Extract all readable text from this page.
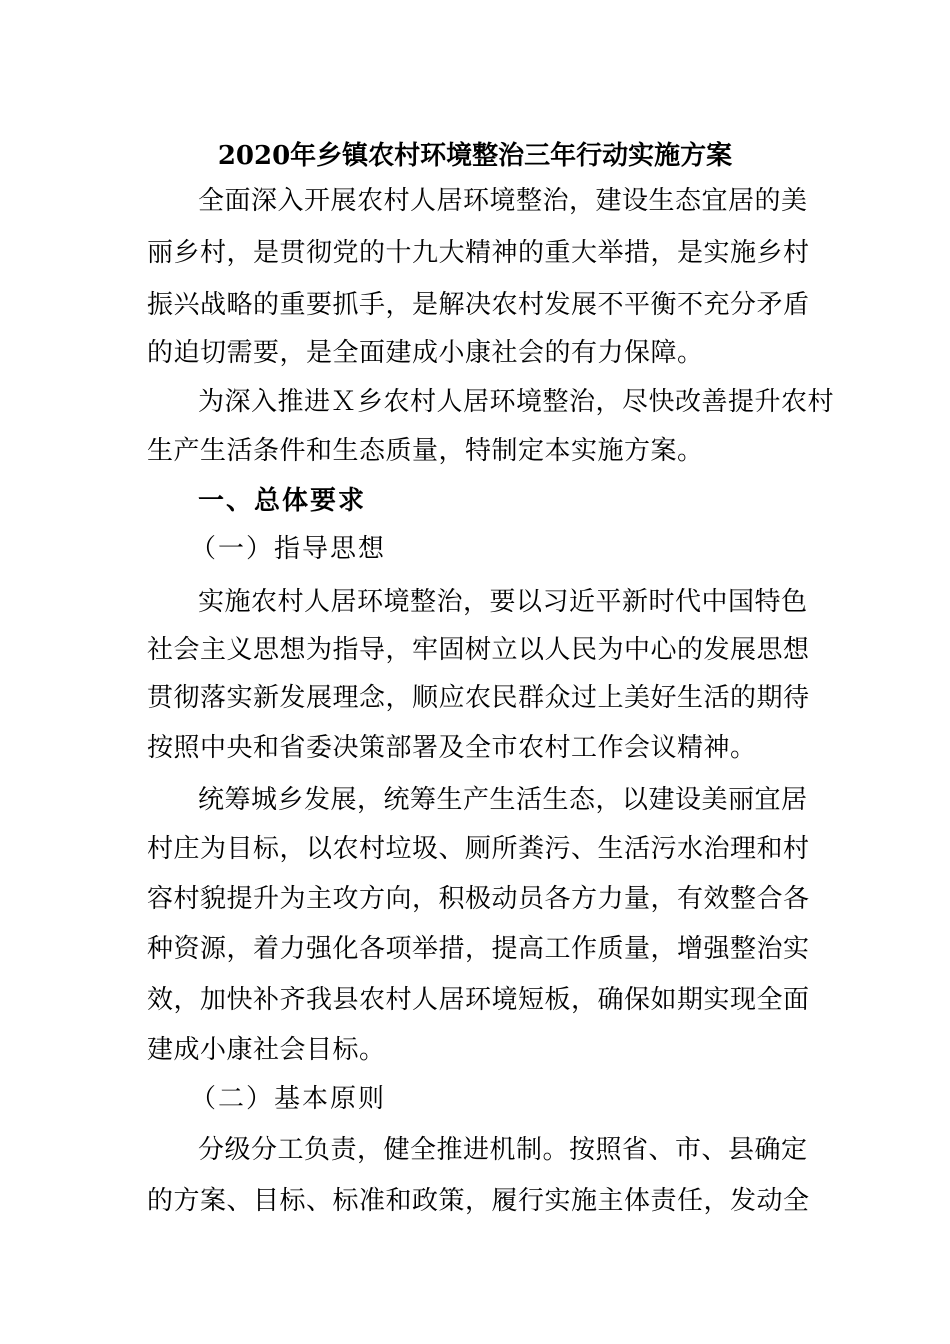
2020年乡镇农村环境整治三年行动实施方案
全面深入开展农村人居环境整治，建设生态宜居的美
丽乡村，是贯彻党的十九大精神的重大举措，是实施乡村
振兴战略的重要抓手，是解决农村发展不平衡不充分矛盾
的迫切需要，是全面建成小康社会的有力保障。
为深入推进Ｘ乡农村人居环境整治，尽快改善提升农村
生产生活条件和生态质量，特制定本实施方案。
一、总体要求
（一）指导思想
实施农村人居环境整治，要以习近平新时代中国特色
社会主义思想为指导，牢固树立以人民为中心的发展思想
贯彻落实新发展理念，顺应农民群众过上美好生活的期待
按照中央和省委决策部署及全市农村工作会议精神。
统筹城乡发展，统筹生产生活生态，以建设美丽宜居
村庄为目标，以农村垃圾、厕所粪污、生活污水治理和村
容村貌提升为主攻方向，积极动员各方力量，有效整合各
种资源，着力强化各项举措，提高工作质量，增强整治实
效，加快补齐我县农村人居环境短板，确保如期实现全面
建成小康社会目标。
（二）基本原则
分级分工负责，健全推进机制。按照省、市、县确定
的方案、目标、标准和政策，履行实施主体责任，发动全
